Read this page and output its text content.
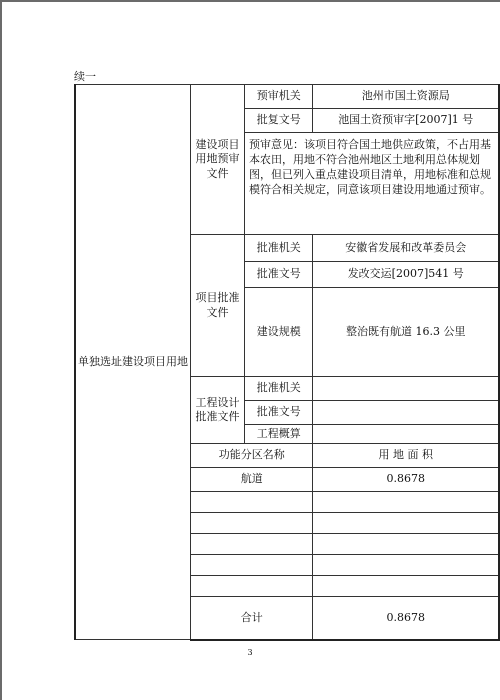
续一
单独选址建设项目用地	建设项目用地预审文件	预审机关	池州市国土资源局
		批复文号	池国土资预审字[2007]1 号
		预审意见：该项目符合国土地供应政策，不占用基本农田，用地不符合池州地区土地利用总体规划图，但已列入重点建设项目清单，用地标准和总规模符合相关规定，同意该项目建设用地通过预审。	
	项目批准文件	批准机关	安徽省发展和改革委员会
		批准文号	发改交运[2007]541 号
		建设规模	整治既有航道 16.3 公里
	工程设计批准文件	批准机关	
		批准文号	
		工程概算	
	功能分区名称		用 地 面 积
	航道		0.8678

	合计		0.8678
3
